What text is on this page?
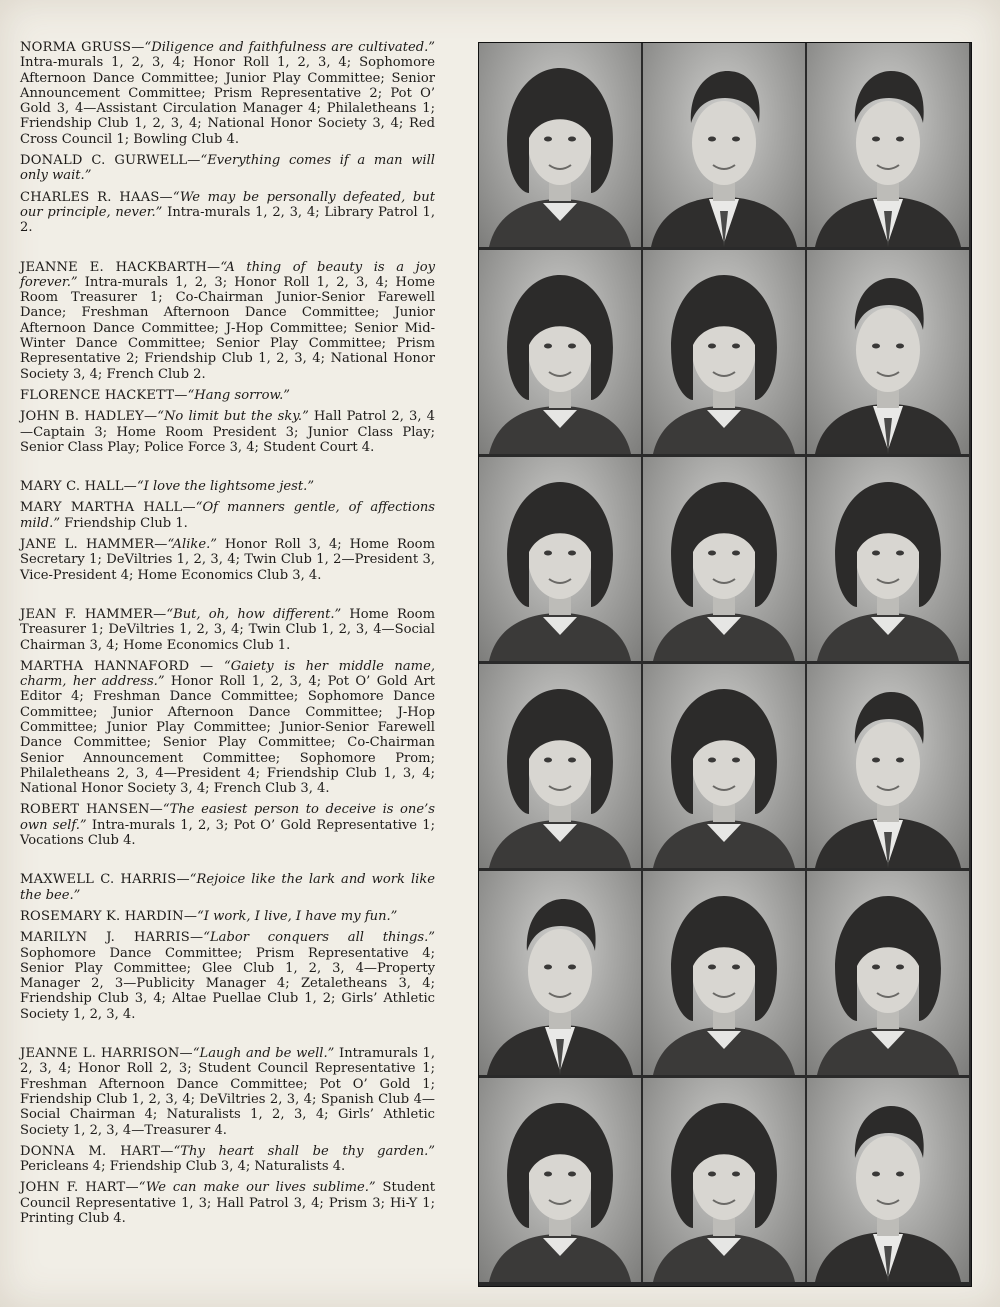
NORMA GRUSS—“Diligence and faithfulness are cultivated.” Intra-murals 1, 2, 3, 4; Honor Roll 1, 2, 3, 4; Sophomore Afternoon Dance Committee; Junior Play Committee; Senior Announcement Committee; Prism Representative 2; Pot O’ Gold 3, 4—Assistant Circulation Manager 4; Philaletheans 1; Friendship Club 1, 2, 3, 4; National Honor Society 3, 4; Red Cross Council 1; Bowling Club 4.

DONALD C. GURWELL—“Everything comes if a man will only wait.”

CHARLES R. HAAS—“We may be personally defeated, but our principle, never.” Intra-murals 1, 2, 3, 4; Library Patrol 1, 2.

JEANNE E. HACKBARTH—“A thing of beauty is a joy forever.” Intra-murals 1, 2, 3; Honor Roll 1, 2, 3, 4; Home Room Treasurer 1; Co-Chairman Junior-Senior Farewell Dance; Freshman Afternoon Dance Committee; Junior Afternoon Dance Committee; J-Hop Committee; Senior Mid-Winter Dance Committee; Senior Play Committee; Prism Representative 2; Friendship Club 1, 2, 3, 4; National Honor Society 3, 4; French Club 2.

FLORENCE HACKETT—“Hang sorrow.”

JOHN B. HADLEY—“No limit but the sky.” Hall Patrol 2, 3, 4—Captain 3; Home Room President 3; Junior Class Play; Senior Class Play; Police Force 3, 4; Student Court 4.

MARY C. HALL—“I love the lightsome jest.”

MARY MARTHA HALL—“Of manners gentle, of affections mild.” Friendship Club 1.

JANE L. HAMMER—“Alike.” Honor Roll 3, 4; Home Room Secretary 1; DeViltries 1, 2, 3, 4; Twin Club 1, 2—President 3, Vice-President 4; Home Economics Club 3, 4.

JEAN F. HAMMER—“But, oh, how different.” Home Room Treasurer 1; DeViltries 1, 2, 3, 4; Twin Club 1, 2, 3, 4—Social Chairman 3, 4; Home Economics Club 1.

MARTHA HANNAFORD — “Gaiety is her middle name, charm, her address.” Honor Roll 1, 2, 3, 4; Pot O’ Gold Art Editor 4; Freshman Dance Committee; Sophomore Dance Committee; Junior Afternoon Dance Committee; J-Hop Committee; Junior Play Committee; Junior-Senior Farewell Dance Committee; Senior Play Committee; Co-Chairman Senior Announcement Committee; Sophomore Prom; Philaletheans 2, 3, 4—President 4; Friendship Club 1, 3, 4; National Honor Society 3, 4; French Club 3, 4.

ROBERT HANSEN—“The easiest person to deceive is one’s own self.” Intra-murals 1, 2, 3; Pot O’ Gold Representative 1; Vocations Club 4.

MAXWELL C. HARRIS—“Rejoice like the lark and work like the bee.”

ROSEMARY K. HARDIN—“I work, I live, I have my fun.”

MARILYN J. HARRIS—“Labor conquers all things.” Sophomore Dance Committee; Prism Representative 4; Senior Play Committee; Glee Club 1, 2, 3, 4—Property Manager 2, 3—Publicity Manager 4; Zetaletheans 3, 4; Friendship Club 3, 4; Altae Puellae Club 1, 2; Girls’ Athletic Society 1, 2, 3, 4.

JEANNE L. HARRISON—“Laugh and be well.” Intramurals 1, 2, 3, 4; Honor Roll 2, 3; Student Council Representative 1; Freshman Afternoon Dance Committee; Pot O’ Gold 1; Friendship Club 1, 2, 3, 4; DeViltries 2, 3, 4; Spanish Club 4—Social Chairman 4; Naturalists 1, 2, 3, 4; Girls’ Athletic Society 1, 2, 3, 4—Treasurer 4.

DONNA M. HART—“Thy heart shall be thy garden.” Pericleans 4; Friendship Club 3, 4; Naturalists 4.

JOHN F. HART—“We can make our lives sublime.” Student Council Representative 1, 3; Hall Patrol 3, 4; Prism 3; Hi-Y 1; Printing Club 4.
